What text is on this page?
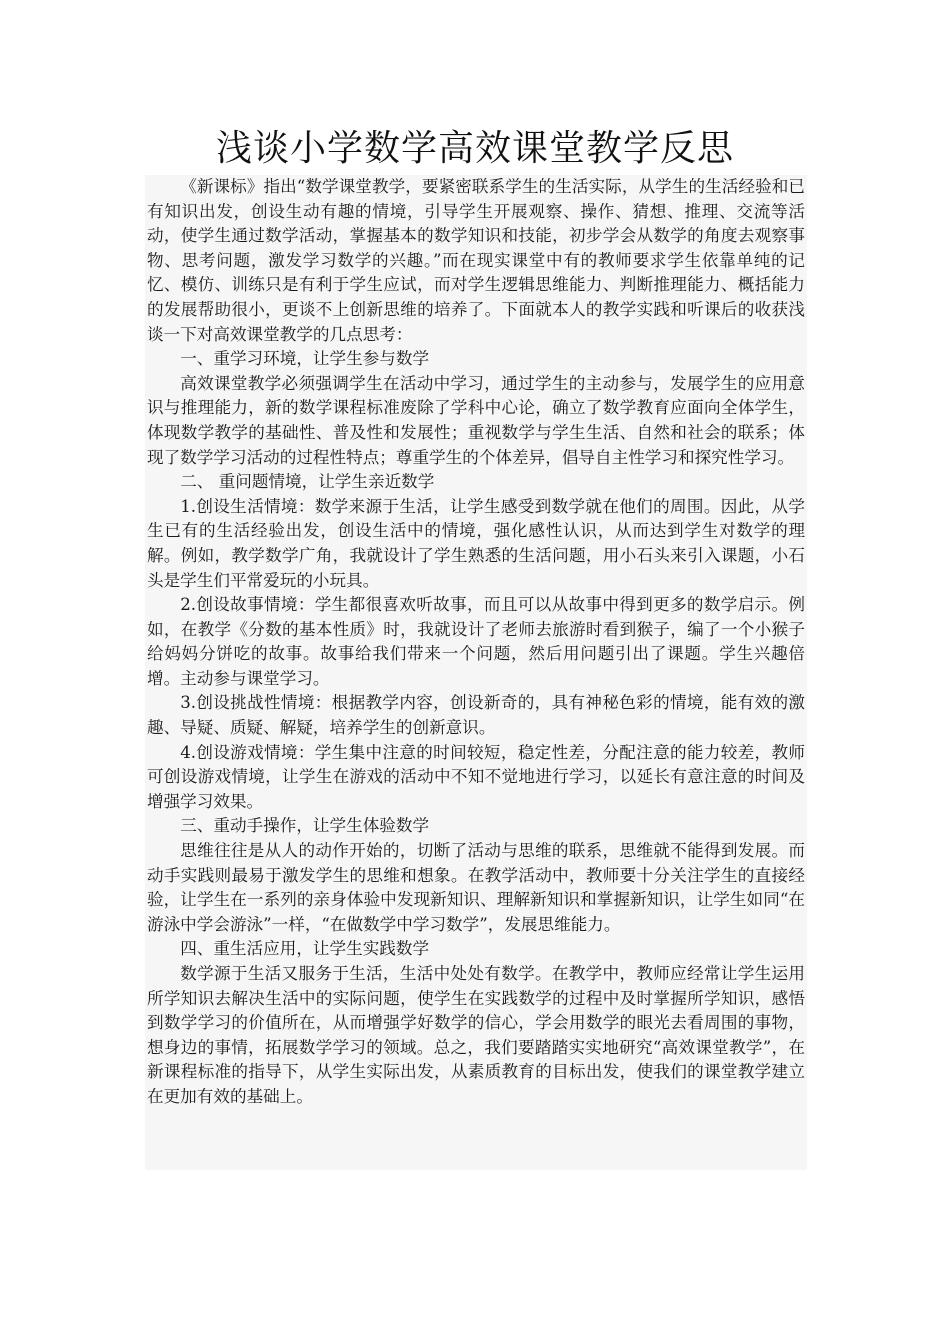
浅谈小学数学高效课堂教学反思

《新课标》指出“数学课堂教学，要紧密联系学生的生活实际，从学生的生活经验和已有知识出发，创设生动有趣的情境，引导学生开展观察、操作、猜想、推理、交流等活动，使学生通过数学活动，掌握基本的数学知识和技能，初步学会从数学的角度去观察事物、思考问题，激发学习数学的兴趣。”而在现实课堂中有的教师要求学生依靠单纯的记忆、模仿、训练只是有利于学生应试，而对学生逻辑思维能力、判断推理能力、概括能力的发展帮助很小，更谈不上创新思维的培养了。下面就本人的教学实践和听课后的收获浅谈一下对高效课堂教学的几点思考：

一、重学习环境，让学生参与数学

高效课堂教学必须强调学生在活动中学习，通过学生的主动参与，发展学生的应用意识与推理能力，新的数学课程标准废除了学科中心论，确立了数学教育应面向全体学生，体现数学教学的基础性、普及性和发展性；重视数学与学生生活、自然和社会的联系；体现了数学学习活动的过程性特点；尊重学生的个体差异，倡导自主性学习和探究性学习。

二、 重问题情境，让学生亲近数学

1.创设生活情境：数学来源于生活，让学生感受到数学就在他们的周围。因此，从学生已有的生活经验出发，创设生活中的情境，强化感性认识，从而达到学生对数学的理解。例如，教学数学广角，我就设计了学生熟悉的生活问题，用小石头来引入课题，小石头是学生们平常爱玩的小玩具。

2.创设故事情境：学生都很喜欢听故事，而且可以从故事中得到更多的数学启示。例如，在教学《分数的基本性质》时，我就设计了老师去旅游时看到猴子，编了一个小猴子给妈妈分饼吃的故事。故事给我们带来一个问题，然后用问题引出了课题。学生兴趣倍增。主动参与课堂学习。

3.创设挑战性情境：根据教学内容，创设新奇的，具有神秘色彩的情境，能有效的激趣、导疑、质疑、解疑，培养学生的创新意识。

4.创设游戏情境：学生集中注意的时间较短，稳定性差，分配注意的能力较差，教师可创设游戏情境，让学生在游戏的活动中不知不觉地进行学习，以延长有意注意的时间及增强学习效果。

三、重动手操作，让学生体验数学

思维往往是从人的动作开始的，切断了活动与思维的联系，思维就不能得到发展。而动手实践则最易于激发学生的思维和想象。在教学活动中，教师要十分关注学生的直接经验，让学生在一系列的亲身体验中发现新知识、理解新知识和掌握新知识，让学生如同“在游泳中学会游泳”一样，“在做数学中学习数学”，发展思维能力。

四、重生活应用，让学生实践数学

数学源于生活又服务于生活，生活中处处有数学。在教学中，教师应经常让学生运用所学知识去解决生活中的实际问题，使学生在实践数学的过程中及时掌握所学知识，感悟到数学学习的价值所在，从而增强学好数学的信心，学会用数学的眼光去看周围的事物，想身边的事情，拓展数学学习的领域。总之，我们要踏踏实实地研究“高效课堂教学”，在新课程标准的指导下，从学生实际出发，从素质教育的目标出发，使我们的课堂教学建立在更加有效的基础上。
